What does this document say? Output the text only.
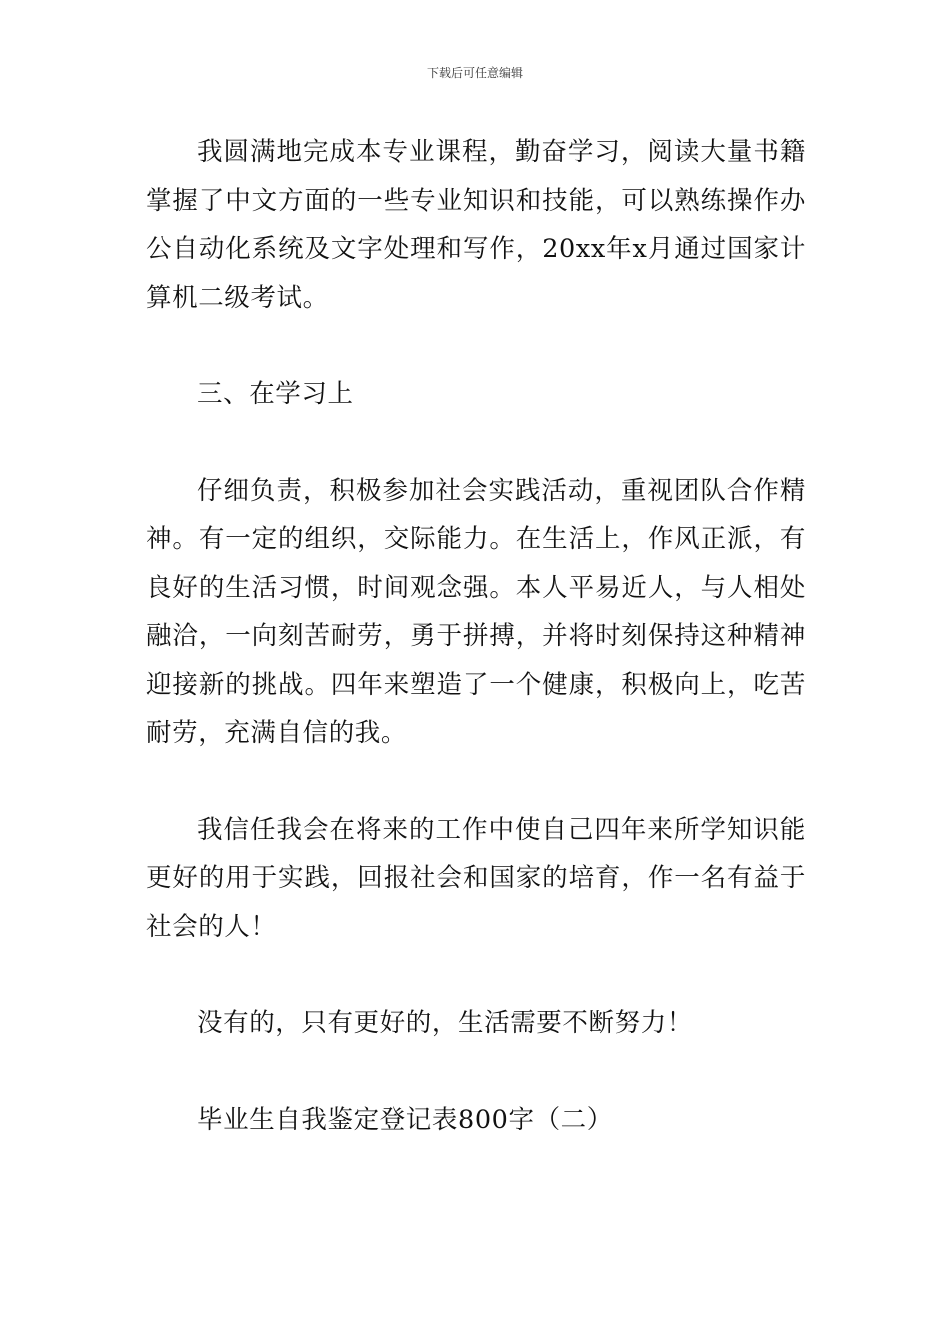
下载后可任意编辑

我圆满地完成本专业课程，勤奋学习，阅读大量书籍掌握了中文方面的一些专业知识和技能，可以熟练操作办公自动化系统及文字处理和写作，20xx年x月通过国家计算机二级考试。

三、在学习上

仔细负责，积极参加社会实践活动，重视团队合作精神。有一定的组织，交际能力。在生活上，作风正派，有良好的生活习惯，时间观念强。本人平易近人，与人相处融洽，一向刻苦耐劳，勇于拼搏，并将时刻保持这种精神迎接新的挑战。四年来塑造了一个健康，积极向上，吃苦耐劳，充满自信的我。

我信任我会在将来的工作中使自己四年来所学知识能更好的用于实践，回报社会和国家的培育，作一名有益于社会的人！

没有的，只有更好的，生活需要不断努力！

毕业生自我鉴定登记表800字（二）
